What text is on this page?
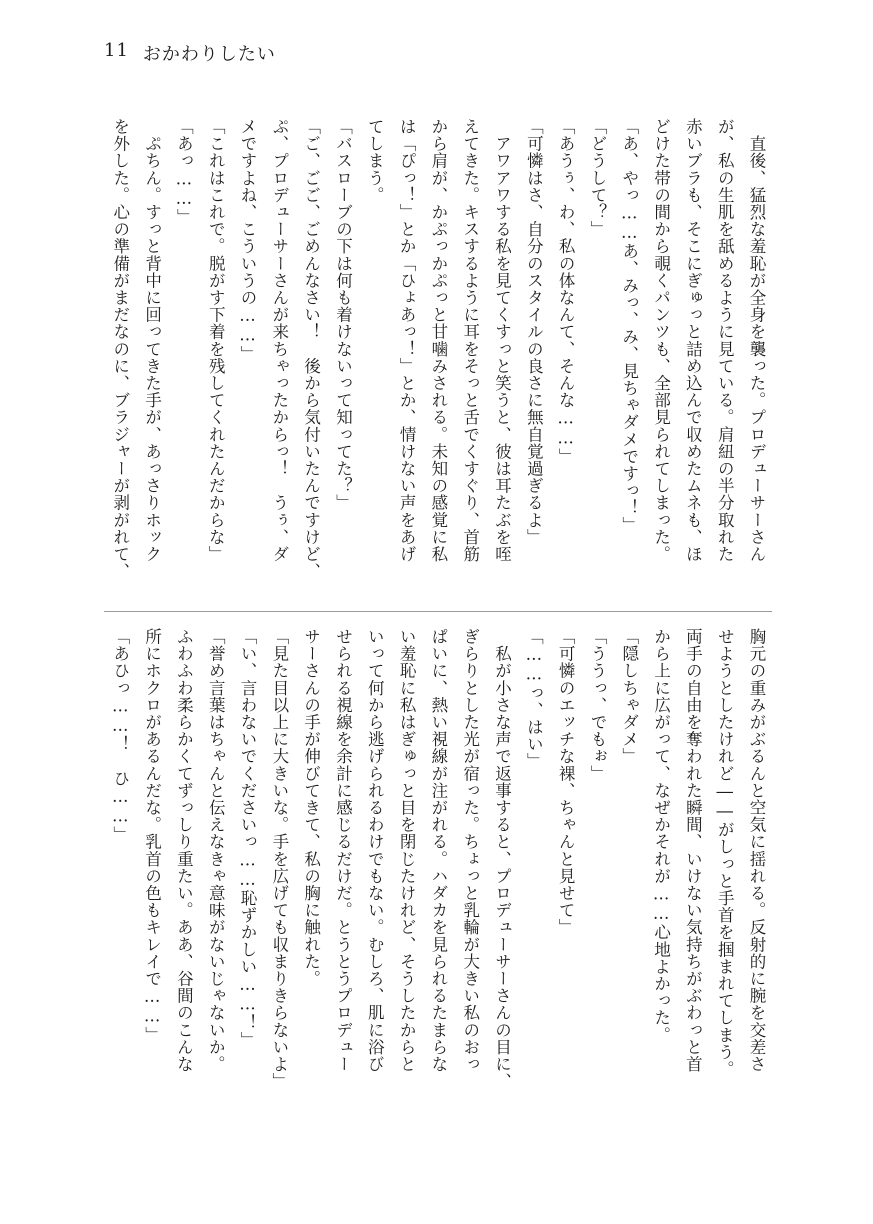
11 おかわりしたい
　直後、猛烈な羞恥が全身を襲った。プロデューサーさん
が、私の生肌を舐めるように見ている。肩紐の半分取れた
赤いブラも、そこにぎゅっと詰め込んで収めたムネも、ほ
どけた帯の間から覗くパンツも、全部見られてしまった。
「あ、やっ……あ、みっ、み、見ちゃダメですっ！」
「どうして？」
「あうぅ、わ、私の体なんて、そんな……」
「可憐はさ、自分のスタイルの良さに無自覚過ぎるよ」
　アワアワする私を見てくすっと笑うと、彼は耳たぶを咥
えてきた。キスするように耳をそっと舌でくすぐり、首筋
から肩が、かぷっかぷっと甘噛みされる。未知の感覚に私
は「ぴっ！」とか「ひょあっ！」とか、情けない声をあげ
てしまう。
「バスローブの下は何も着けないって知ってた？」
「ご、ごご、ごめんなさい！　後から気付いたんですけど、
ぷ、プロデューサーさんが来ちゃったからっ！　うぅ、ダ
メですよね、こういうの……」
「これはこれで。脱がす下着を残してくれたんだからな」
「あっ……」
　ぷちん。すっと背中に回ってきた手が、あっさりホック
を外した。心の準備がまだなのに、ブラジャーが剥がれて、
胸元の重みがぶるんと空気に揺れる。反射的に腕を交差さ
せようとしたけれど――がしっと手首を掴まれてしまう。
両手の自由を奪われた瞬間、いけない気持ちがぶわっと首
から上に広がって、なぜかそれが……心地よかった。
「隠しちゃダメ」
「ううっ、でもぉ」
「可憐のエッチな裸、ちゃんと見せて」
「……っ、はい」
　私が小さな声で返事すると、プロデューサーさんの目に、
ぎらりとした光が宿った。ちょっと乳輪が大きい私のおっ
ぱいに、熱い視線が注がれる。ハダカを見られるたまらな
い羞恥に私はぎゅっと目を閉じたけれど、そうしたからと
いって何から逃げられるわけでもない。むしろ、肌に浴び
せられる視線を余計に感じるだけだ。とうとうプロデュー
サーさんの手が伸びてきて、私の胸に触れた。
「見た目以上に大きいな。手を広げても収まりきらないよ」
「い、言わないでくださいっ……恥ずかしい……！」
「誉め言葉はちゃんと伝えなきゃ意味がないじゃないか。
ふわふわ柔らかくてずっしり重たい。ああ、谷間のこんな
所にホクロがあるんだな。乳首の色もキレイで……」
「あひっ……！　ひ……」
